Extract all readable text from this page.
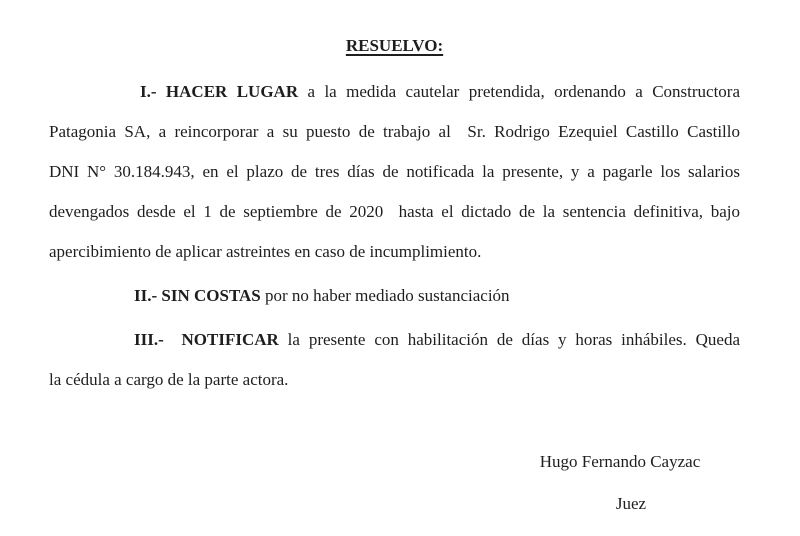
RESUELVO:
I.- HACER LUGAR a la medida cautelar pretendida, ordenando a Constructora
Patagonia SA, a reincorporar a su puesto de trabajo al  Sr. Rodrigo Ezequiel Castillo Castillo
DNI N° 30.184.943, en el plazo de tres días de notificada la presente, y a pagarle los salarios
devengados desde el 1 de septiembre de 2020  hasta el dictado de la sentencia definitiva, bajo
apercibimiento de aplicar astreintes en caso de incumplimiento.
II.- SIN COSTAS por no haber mediado sustanciación
III.-  NOTIFICAR la presente con habilitación de días y horas inhábiles. Queda
la cédula a cargo de la parte actora.
Hugo Fernando Cayzac
Juez
